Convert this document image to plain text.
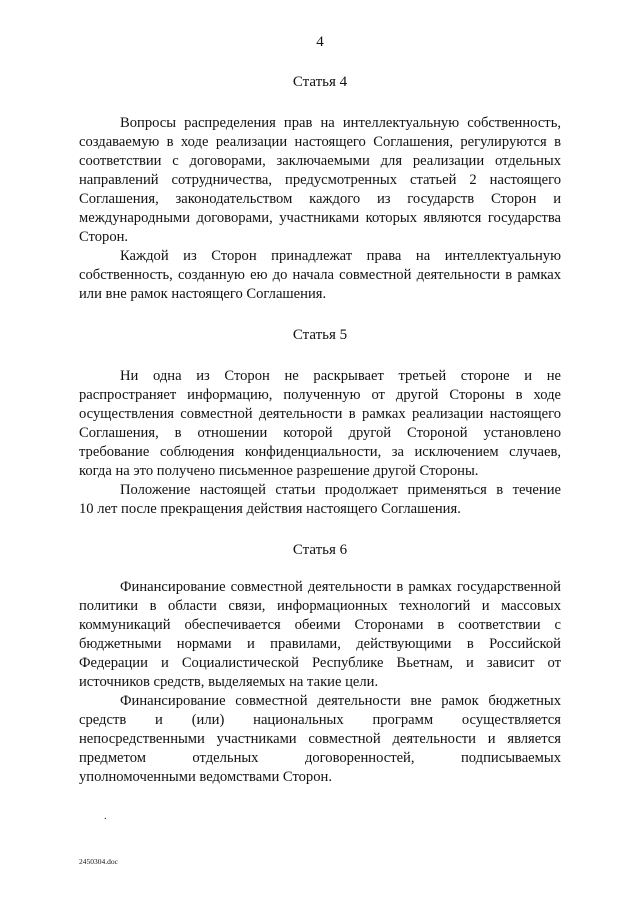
4
Статья 4
Вопросы распределения прав на интеллектуальную собственность,
создаваемую в ходе реализации настоящего Соглашения, регулируются в
соответствии с договорами, заключаемыми для реализации отдельных
направлений сотрудничества, предусмотренных статьей 2 настоящего
Соглашения, законодательством каждого из государств Сторон и
международными договорами, участниками которых являются государства
Сторон.
Каждой из Сторон принадлежат права на интеллектуальную
собственность, созданную ею до начала совместной деятельности в рамках
или вне рамок настоящего Соглашения.
Статья 5
Ни одна из Сторон не раскрывает третьей стороне и не
распространяет информацию, полученную от другой Стороны в ходе
осуществления совместной деятельности в рамках реализации настоящего
Соглашения, в отношении которой другой Стороной установлено
требование соблюдения конфиденциальности, за исключением случаев,
когда на это получено письменное разрешение другой Стороны.
Положение настоящей статьи продолжает применяться в течение
10 лет после прекращения действия настоящего Соглашения.
Статья 6
Финансирование совместной деятельности в рамках государственной
политики в области связи, информационных технологий и массовых
коммуникаций обеспечивается обеими Сторонами в соответствии с
бюджетными нормами и правилами, действующими в Российской
Федерации и Социалистической Республике Вьетнам, и зависит от
источников средств, выделяемых на такие цели.
Финансирование совместной деятельности вне рамок бюджетных
средств и (или) национальных программ осуществляется
непосредственными участниками совместной деятельности и является
предметом отдельных договоренностей, подписываемых
уполномоченными ведомствами Сторон.
.
2450304.doc
